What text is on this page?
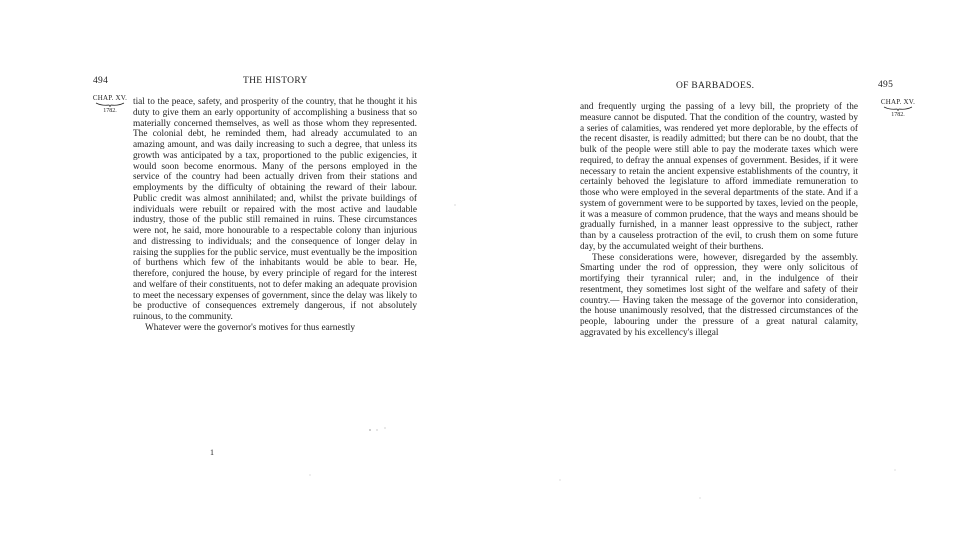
494	THE HISTORY
CHAP. XV.
1782.

tial to the peace, safety, and prosperity of the country, that he thought it his duty to give them an early opportunity of accomplishing a business that so materially concerned themselves, as well as those whom they represented. The colonial debt, he reminded them, had already accumulated to an amazing amount, and was daily increasing to such a degree, that unless its growth was anticipated by a tax, proportioned to the public exigencies, it would soon become enormous. Many of the persons employed in the service of the country had been actually driven from their stations and employments by the difficulty of obtaining the reward of their labour. Public credit was almost annihilated; and, whilst the private buildings of individuals were rebuilt or repaired with the most active and laudable industry, those of the public still remained in ruins. These circumstances were not, he said, more honourable to a respectable colony than injurious and distressing to individuals; and the consequence of longer delay in raising the supplies for the public service, must eventually be the imposition of burthens which few of the inhabitants would be able to bear. He, therefore, conjured the house, by every principle of regard for the interest and welfare of their constituents, not to defer making an adequate provision to meet the necessary expenses of government, since the delay was likely to be productive of consequences extremely dangerous, if not absolutely ruinous, to the community.

Whatever were the governor's motives for thus earnestly

1
OF BARBADOES.	495
CHAP. XV.
1782.

and frequently urging the passing of a levy bill, the propriety of the measure cannot be disputed. That the condition of the country, wasted by a series of calamities, was rendered yet more deplorable, by the effects of the recent disaster, is readily admitted; but there can be no doubt, that the bulk of the people were still able to pay the moderate taxes which were required, to defray the annual expenses of government. Besides, if it were necessary to retain the ancient expensive establishments of the country, it certainly behoved the legislature to afford immediate remuneration to those who were employed in the several departments of the state. And if a system of government were to be supported by taxes, levied on the people, it was a measure of common prudence, that the ways and means should be gradually furnished, in a manner least oppressive to the subject, rather than by a causeless protraction of the evil, to crush them on some future day, by the accumulated weight of their burthens.

These considerations were, however, disregarded by the assembly. Smarting under the rod of oppression, they were only solicitous of mortifying their tyrannical ruler; and, in the indulgence of their resentment, they sometimes lost sight of the welfare and safety of their country.— Having taken the message of the governor into consideration, the house unanimously resolved, that the distressed circumstances of the people, labouring under the pressure of a great natural calamity, aggravated by his excellency's illegal
